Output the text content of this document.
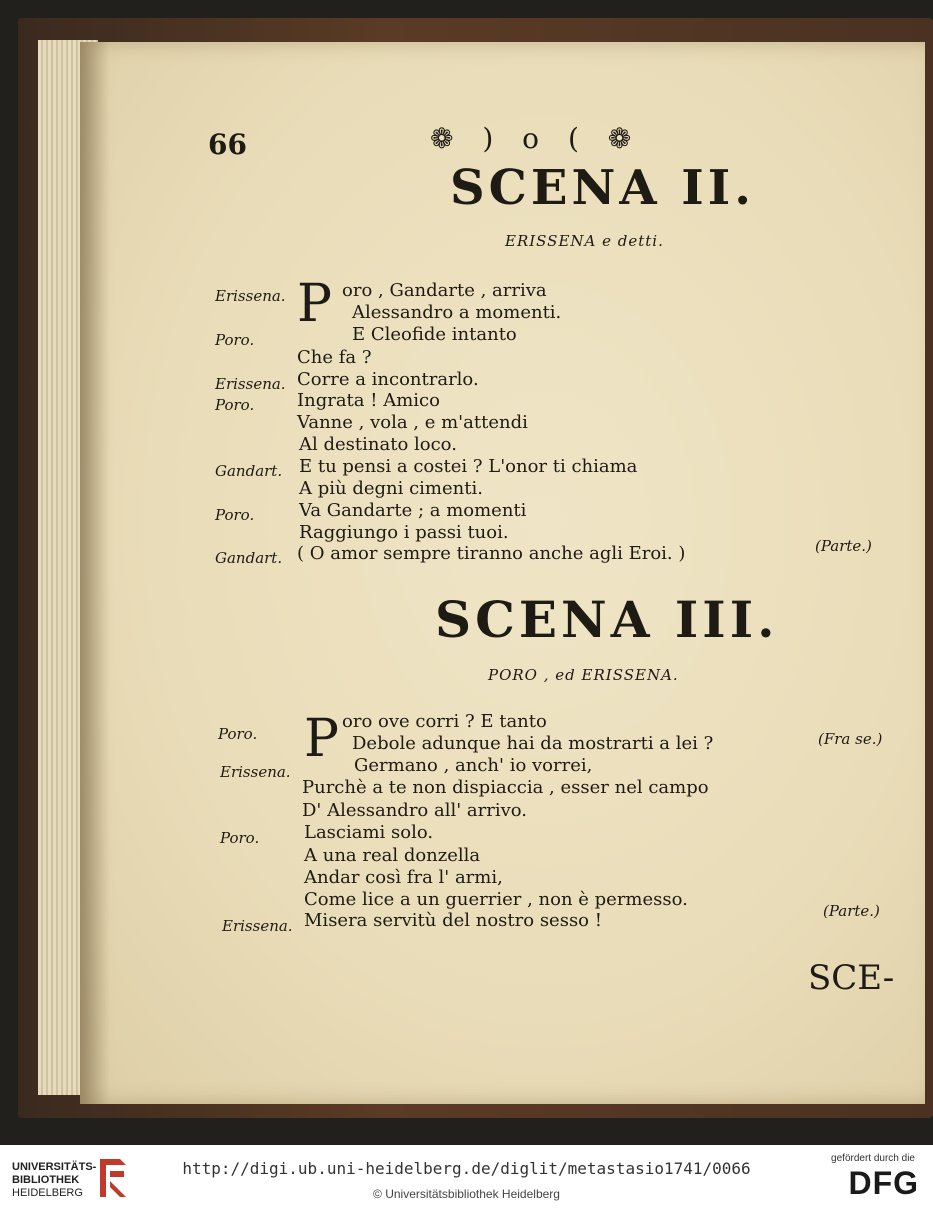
66	❁ ) o ( ❁
SCENA II.
ERISSENA e detti.
Erissena. P oro , Gandarte , arriva
Alessandro a momenti.
Poro.	E Cleofide intanto
Che fa ?
Erissena. Corre a incontrarlo.
Poro. Ingrata ! Amico
Vanne , vola , e m'attendi
Al destinato loco.
Gandart. E tu pensi a costei ? L'onor ti chiama
A più degni cimenti.
Poro. Va Gandarte ; a momenti
Raggiungo i passi tuoi.
Gandart. ( O amor sempre tiranno anche agli Eroi. )	(Parte.)
SCENA III.
PORO , ed ERISSENA.
Poro. P oro ove corri ? E tanto
Debole adunque hai da mostrarti a lei ?	(Fra se.)
Erissena.	Germano , anch' io vorrei,
Purchè a te non dispiaccia , esser nel campo
D' Alessandro all' arrivo.
Poro. Lasciami solo.
A una real donzella
Andar così fra l' armi,
Come lice a un guerrier , non è permesso.
Erissena. Misera servitù del nostro sesso !	(Parte.)
SCE-
UNIVERSITÄTS-
BIBLIOTHEK
HEIDELBERG
http://digi.ub.uni-heidelberg.de/diglit/metastasio1741/0066
© Universitätsbibliothek Heidelberg
gefördert durch die
DFG
